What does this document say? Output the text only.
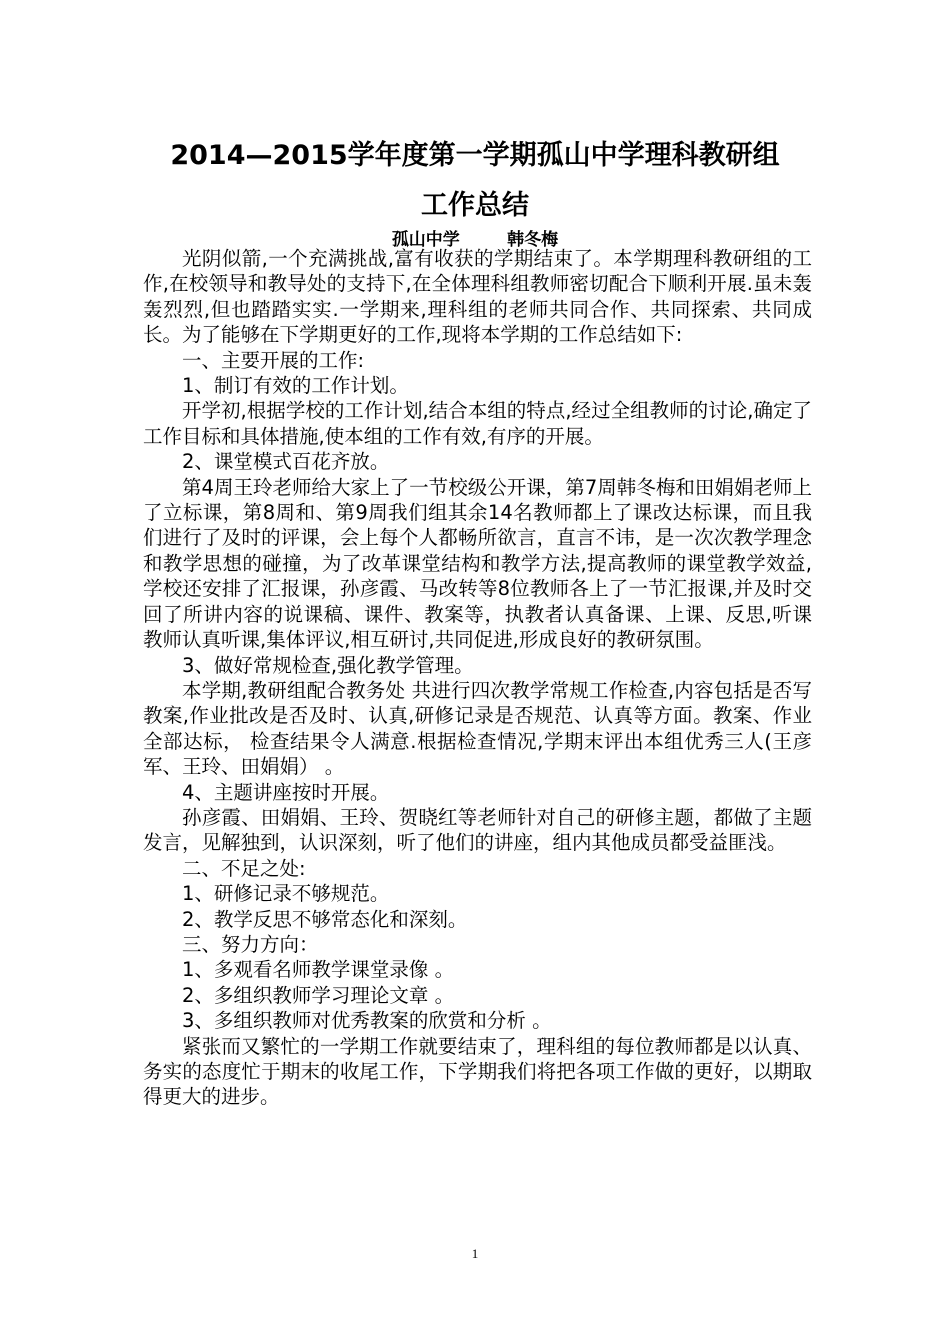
2014—2015学年度第一学期孤山中学理科教研组
工作总结
孤山中学        韩冬梅

光阴似箭,一个充满挑战,富有收获的学期结束了。本学期理科教研组的工作,在校领导和教导处的支持下,在全体理科组教师密切配合下顺利开展.虽未轰轰烈烈,但也踏踏实实.一学期来,理科组的老师共同合作、共同探索、共同成长。为了能够在下学期更好的工作,现将本学期的工作总结如下:

一、主要开展的工作:

1、制订有效的工作计划。

开学初,根据学校的工作计划,结合本组的特点,经过全组教师的讨论,确定了工作目标和具体措施,使本组的工作有效,有序的开展。

2、课堂模式百花齐放。

第4周王玲老师给大家上了一节校级公开课，第7周韩冬梅和田娟娟老师上了立标课，第8周和、第9周我们组其余14名教师都上了课改达标课，而且我们进行了及时的评课，会上每个人都畅所欲言，直言不讳，是一次次教学理念和教学思想的碰撞，为了改革课堂结构和教学方法,提高教师的课堂教学效益,学校还安排了汇报课，孙彦霞、马改转等8位教师各上了一节汇报课,并及时交回了所讲内容的说课稿、课件、教案等，执教者认真备课、上课、反思,听课教师认真听课,集体评议,相互研讨,共同促进,形成良好的教研氛围。

3、做好常规检查,强化教学管理。

本学期,教研组配合教务处 共进行四次教学常规工作检查,内容包括是否写教案,作业批改是否及时、认真,研修记录是否规范、认真等方面。教案、作业全部达标， 检查结果令人满意.根据检查情况,学期末评出本组优秀三人(王彦军、王玲、田娟娟） 。

4、主题讲座按时开展。

孙彦霞、田娟娟、王玲、贺晓红等老师针对自己的研修主题，都做了主题发言，见解独到，认识深刻，听了他们的讲座，组内其他成员都受益匪浅。

二、不足之处:

1、研修记录不够规范。

2、教学反思不够常态化和深刻。

三、努力方向：

1、多观看名师教学课堂录像 。

2、多组织教师学习理论文章 。

3、多组织教师对优秀教案的欣赏和分析 。

紧张而又繁忙的一学期工作就要结束了，理科组的每位教师都是以认真、务实的态度忙于期末的收尾工作，下学期我们将把各项工作做的更好，以期取得更大的进步。

1
